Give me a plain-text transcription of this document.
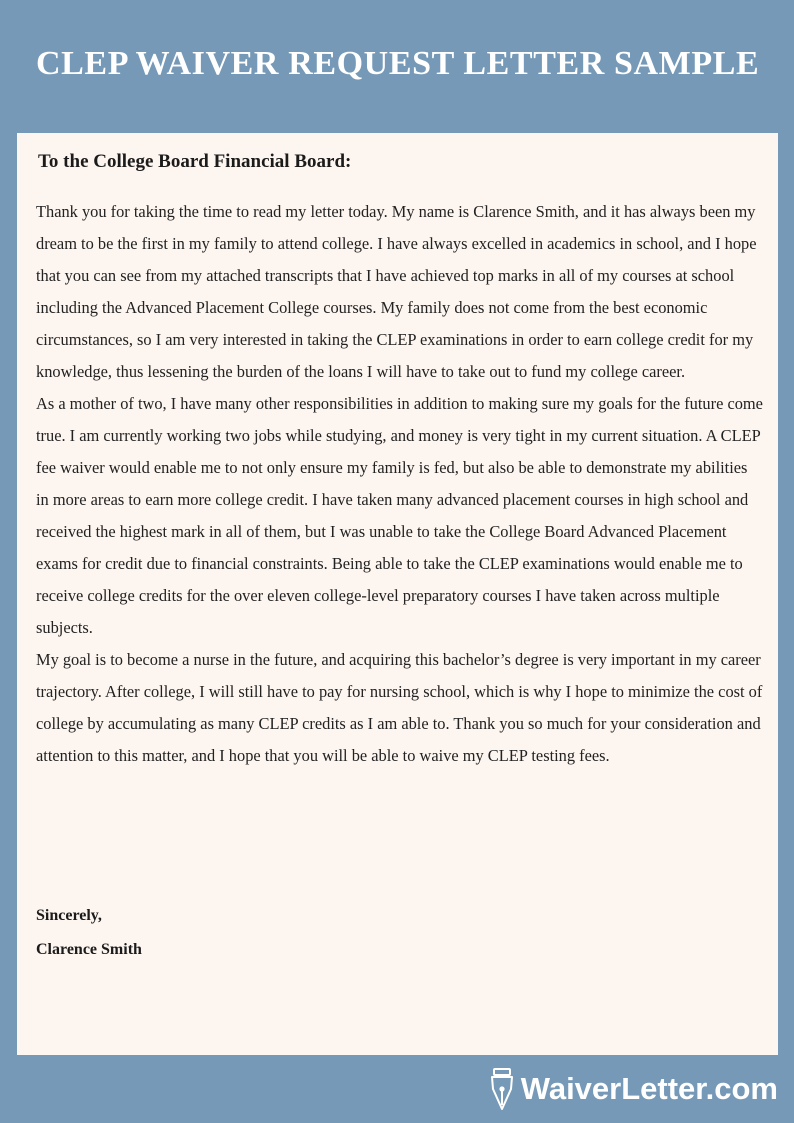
CLEP WAIVER REQUEST LETTER SAMPLE
To the College Board Financial Board:

Thank you for taking the time to read my letter today. My name is Clarence Smith, and it has always been my dream to be the first in my family to attend college. I have always excelled in academics in school, and I hope that you can see from my attached transcripts that I have achieved top marks in all of my courses at school including the Advanced Placement College courses. My family does not come from the best economic circumstances, so I am very interested in taking the CLEP examinations in order to earn college credit for my knowledge, thus lessening the burden of the loans I will have to take out to fund my college career.

As a mother of two, I have many other responsibilities in addition to making sure my goals for the future come true. I am currently working two jobs while studying, and money is very tight in my current situation. A CLEP fee waiver would enable me to not only ensure my family is fed, but also be able to demonstrate my abilities in more areas to earn more college credit. I have taken many advanced placement courses in high school and received the highest mark in all of them, but I was unable to take the College Board Advanced Placement exams for credit due to financial constraints. Being able to take the CLEP examinations would enable me to receive college credits for the over eleven college-level preparatory courses I have taken across multiple subjects.

My goal is to become a nurse in the future, and acquiring this bachelor’s degree is very important in my career trajectory. After college, I will still have to pay for nursing school, which is why I hope to minimize the cost of college by accumulating as many CLEP credits as I am able to. Thank you so much for your consideration and attention to this matter, and I hope that you will be able to waive my CLEP testing fees.

Sincerely,
Clarence Smith
WaiverLetter.com
